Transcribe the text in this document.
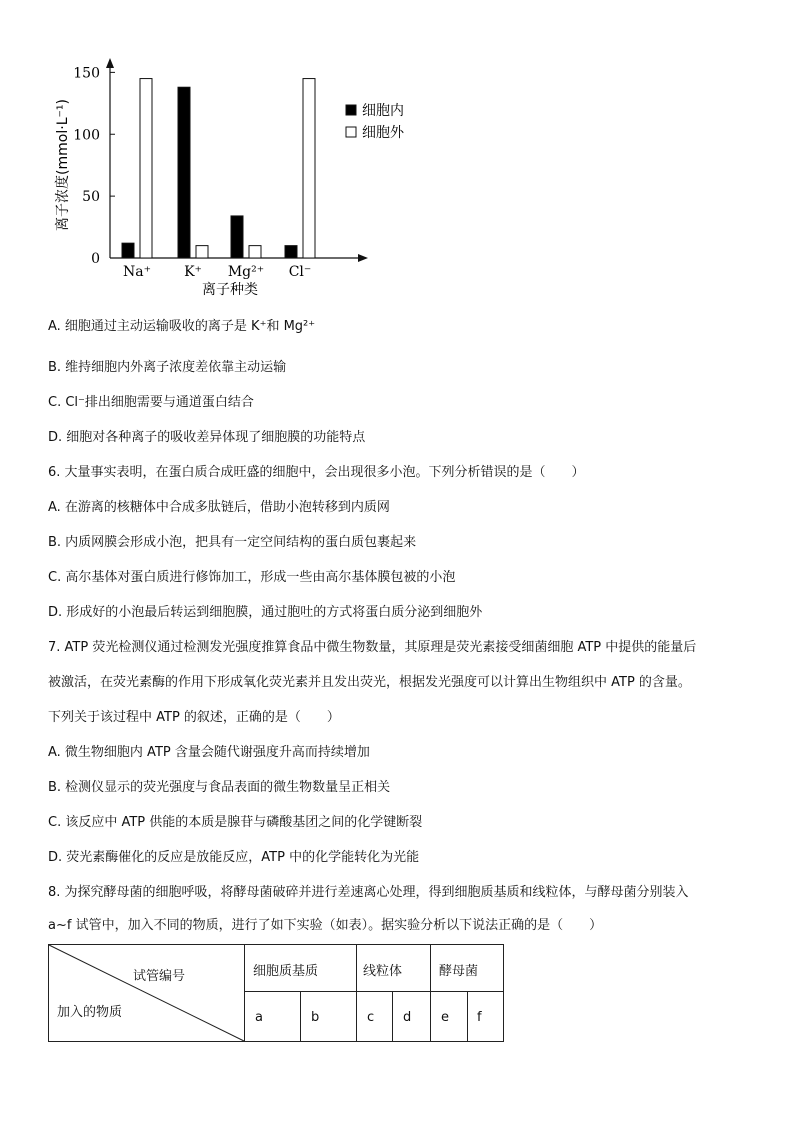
0
50
100
150
离子浓度(mmol·L⁻¹)
Na⁺ K⁺ Mg²⁺ Cl⁻
离子种类
细胞内
细胞外
A. 细胞通过主动运输吸收的离子是 K⁺和 Mg²⁺
B. 维持细胞内外离子浓度差依靠主动运输
C. Cl⁻排出细胞需要与通道蛋白结合
D. 细胞对各种离子的吸收差异体现了细胞膜的功能特点
6. 大量事实表明，在蛋白质合成旺盛的细胞中，会出现很多小泡。下列分析错误的是（　　）
A. 在游离的核糖体中合成多肽链后，借助小泡转移到内质网
B. 内质网膜会形成小泡，把具有一定空间结构的蛋白质包裹起来
C. 高尔基体对蛋白质进行修饰加工，形成一些由高尔基体膜包被的小泡
D. 形成好的小泡最后转运到细胞膜，通过胞吐的方式将蛋白质分泌到细胞外
7. ATP 荧光检测仪通过检测发光强度推算食品中微生物数量，其原理是荧光素接受细菌细胞 ATP 中提供的能量后
被激活，在荧光素酶的作用下形成氧化荧光素并且发出荧光，根据发光强度可以计算出生物组织中 ATP 的含量。
下列关于该过程中 ATP 的叙述，正确的是（　　）
A. 微生物细胞内 ATP 含量会随代谢强度升高而持续增加
B. 检测仪显示的荧光强度与食品表面的微生物数量呈正相关
C. 该反应中 ATP 供能的本质是腺苷与磷酸基团之间的化学键断裂
D. 荧光素酶催化的反应是放能反应，ATP 中的化学能转化为光能
8. 为探究酵母菌的细胞呼吸，将酵母菌破碎并进行差速离心处理，得到细胞质基质和线粒体，与酵母菌分别装入
a~f 试管中，加入不同的物质，进行了如下实验（如表）。据实验分析以下说法正确的是（　　）
试管编号
加入的物质
细胞质基质	线粒体	酵母菌
a	b	c d e f
